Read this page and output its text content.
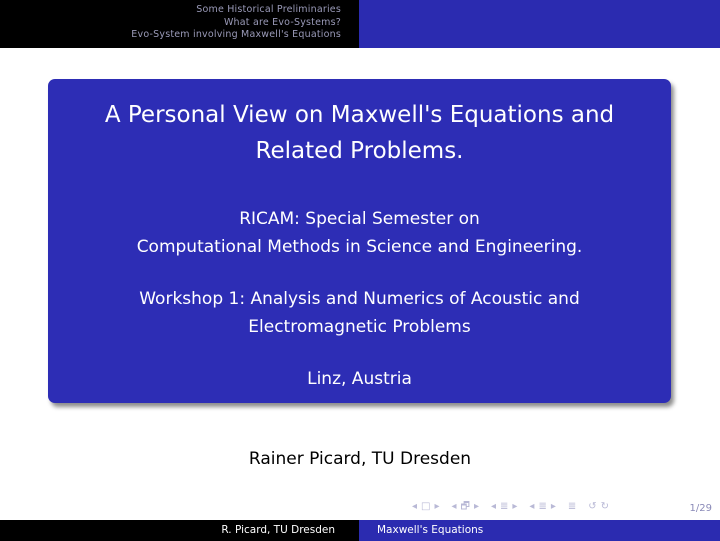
Some Historical Preliminaries
What are Evo-Systems?
Evo-System involving Maxwell's Equations
A Personal View on Maxwell's Equations and
Related Problems.
RICAM: Special Semester on
Computational Methods in Science and Engineering.
Workshop 1: Analysis and Numerics of Acoustic and
Electromagnetic Problems
Linz, Austria
Rainer Picard, TU Dresden
◂ □ ▸ ◂ 🗗 ▸ ◂ ≣ ▸ ◂ ≣ ▸ ≣ ↺ ↻	1/29
R. Picard, TU Dresden	Maxwell's Equations
